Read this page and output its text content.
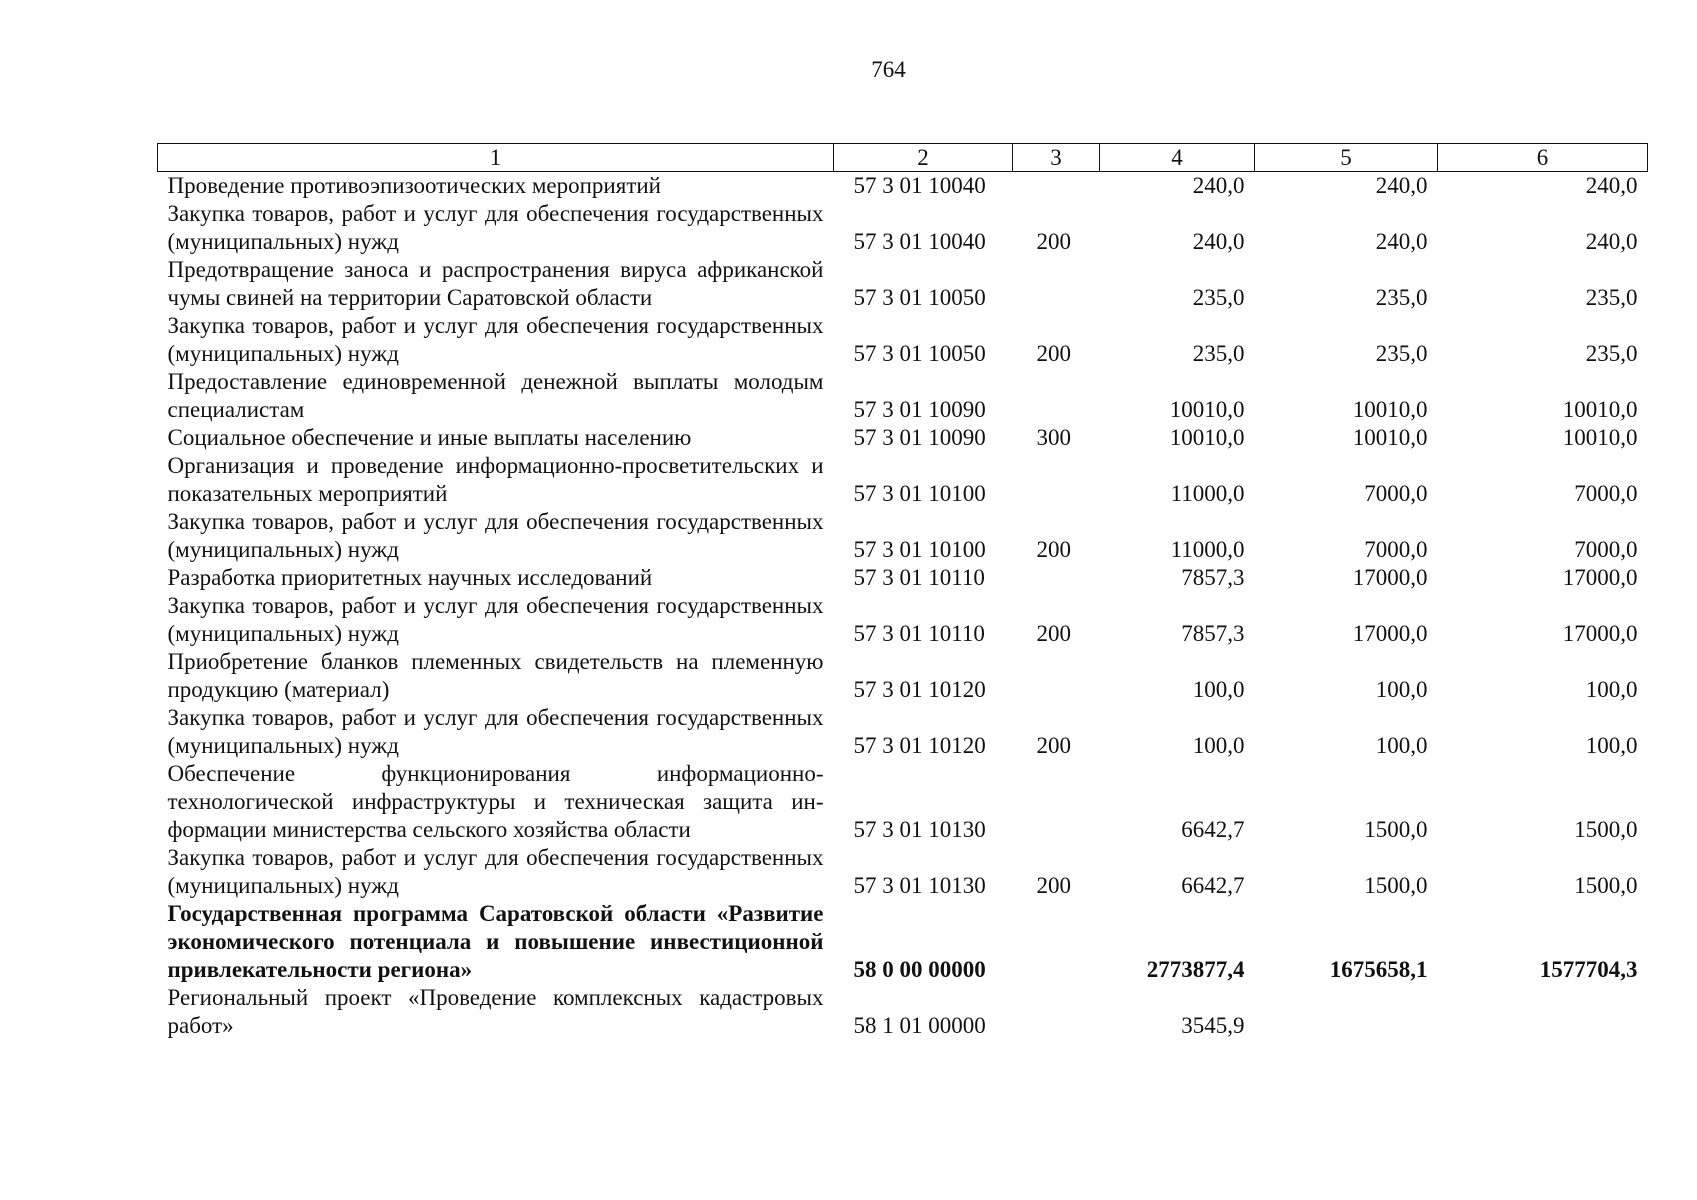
764
1	2	3	4	5	6
Проведение противоэпизоотических мероприятий	57 3 01 10040		240,0	240,0	240,0
Закупка товаров, работ и услуг для обеспечения государственных (муниципальных) нужд	57 3 01 10040	200	240,0	240,0	240,0
Предотвращение заноса и распространения вируса африканской чумы свиней на территории Саратовской области	57 3 01 10050		235,0	235,0	235,0
Закупка товаров, работ и услуг для обеспечения государственных (муниципальных) нужд	57 3 01 10050	200	235,0	235,0	235,0
Предоставление единовременной денежной выплаты молодым специалистам	57 3 01 10090		10010,0	10010,0	10010,0
Социальное обеспечение и иные выплаты населению	57 3 01 10090	300	10010,0	10010,0	10010,0
Организация и проведение информационно-просветительских и показательных мероприятий	57 3 01 10100		11000,0	7000,0	7000,0
Закупка товаров, работ и услуг для обеспечения государственных (муниципальных) нужд	57 3 01 10100	200	11000,0	7000,0	7000,0
Разработка приоритетных научных исследований	57 3 01 10110		7857,3	17000,0	17000,0
Закупка товаров, работ и услуг для обеспечения государственных (муниципальных) нужд	57 3 01 10110	200	7857,3	17000,0	17000,0
Приобретение бланков племенных свидетельств на племенную продукцию (материал)	57 3 01 10120		100,0	100,0	100,0
Закупка товаров, работ и услуг для обеспечения государственных (муниципальных) нужд	57 3 01 10120	200	100,0	100,0	100,0
Обеспечение функционирования информационно-технологической инфраструктуры и техническая защита информации министерства сельского хозяйства области	57 3 01 10130		6642,7	1500,0	1500,0
Закупка товаров, работ и услуг для обеспечения государственных (муниципальных) нужд	57 3 01 10130	200	6642,7	1500,0	1500,0
Государственная программа Саратовской области «Развитие экономического потенциала и повышение инвестиционной привлекательности региона»	58 0 00 00000		2773877,4	1675658,1	1577704,3
Региональный проект «Проведение комплексных кадастровых работ»	58 1 01 00000		3545,9		
